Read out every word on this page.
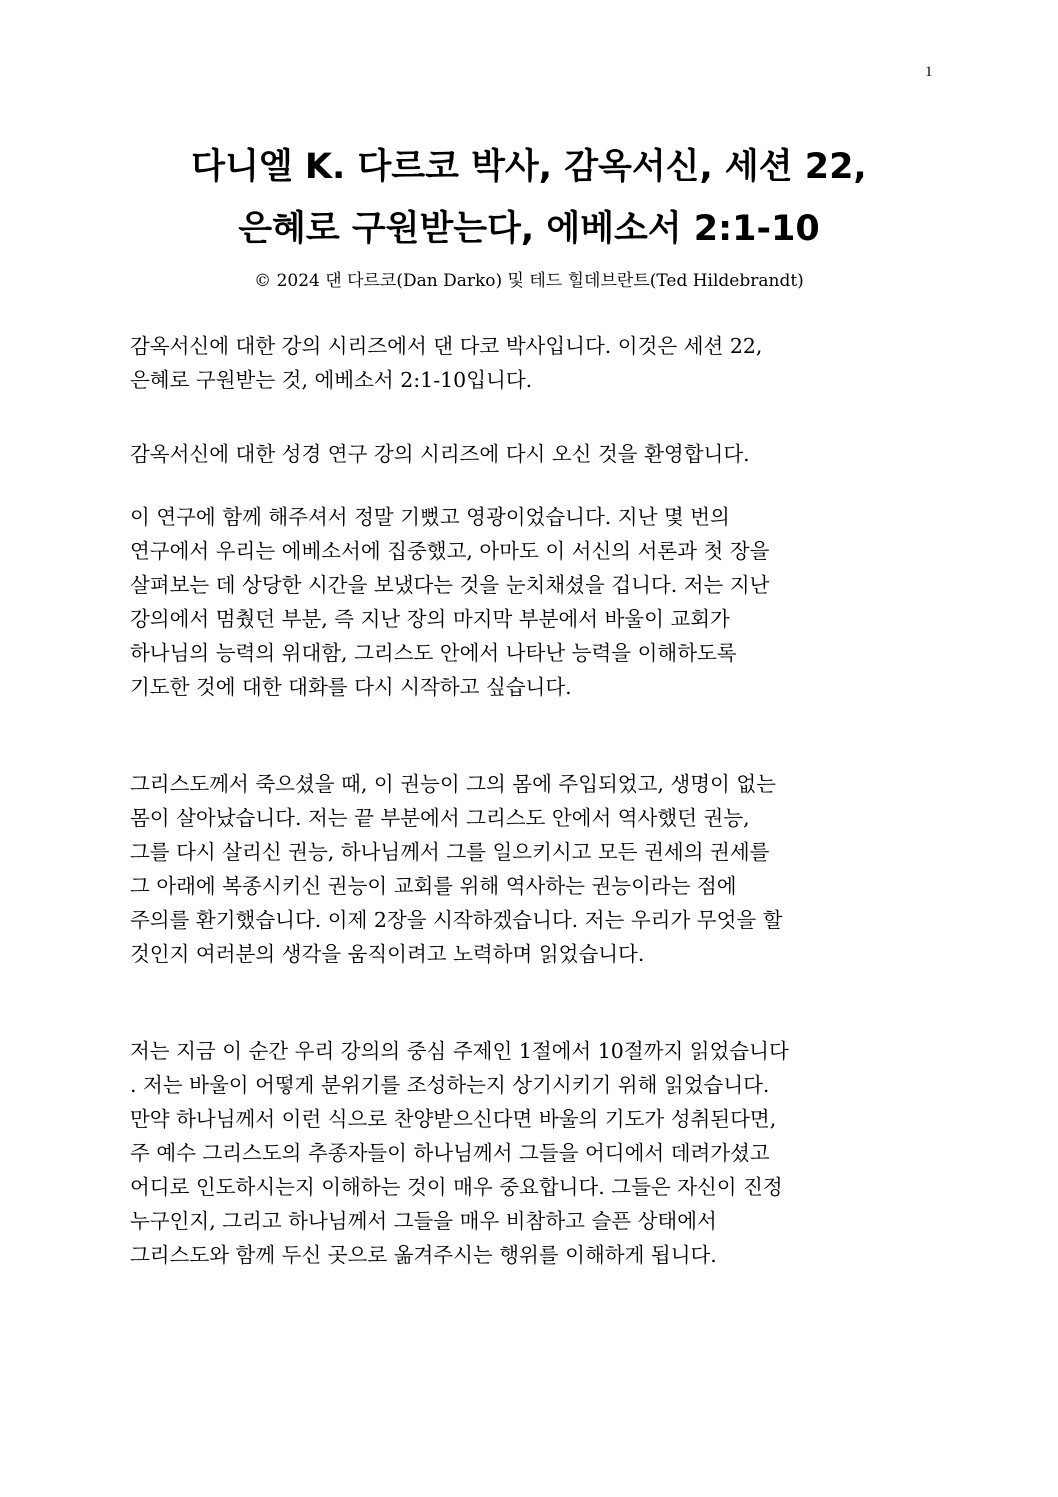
1
다니엘 K. 다르코 박사, 감옥서신, 세션 22,
은혜로 구원받는다, 에베소서 2:1-10
© 2024 댄 다르코(Dan Darko) 및 테드 힐데브란트(Ted Hildebrandt)
감옥서신에 대한 강의 시리즈에서 댄 다코 박사입니다. 이것은 세션 22,
은혜로 구원받는 것, 에베소서 2:1-10입니다.
감옥서신에 대한 성경 연구 강의 시리즈에 다시 오신 것을 환영합니다.
이 연구에 함께 해주셔서 정말 기뻤고 영광이었습니다. 지난 몇 번의
연구에서 우리는 에베소서에 집중했고, 아마도 이 서신의 서론과 첫 장을
살펴보는 데 상당한 시간을 보냈다는 것을 눈치채셨을 겁니다. 저는 지난
강의에서 멈췄던 부분, 즉 지난 장의 마지막 부분에서 바울이 교회가
하나님의 능력의 위대함, 그리스도 안에서 나타난 능력을 이해하도록
기도한 것에 대한 대화를 다시 시작하고 싶습니다.
그리스도께서 죽으셨을 때, 이 권능이 그의 몸에 주입되었고, 생명이 없는
몸이 살아났습니다. 저는 끝 부분에서 그리스도 안에서 역사했던 권능,
그를 다시 살리신 권능, 하나님께서 그를 일으키시고 모든 권세의 권세를
그 아래에 복종시키신 권능이 교회를 위해 역사하는 권능이라는 점에
주의를 환기했습니다. 이제 2장을 시작하겠습니다. 저는 우리가 무엇을 할
것인지 여러분의 생각을 움직이려고 노력하며 읽었습니다.
저는 지금 이 순간 우리 강의의 중심 주제인 1절에서 10절까지 읽었습니다
. 저는 바울이 어떻게 분위기를 조성하는지 상기시키기 위해 읽었습니다.
만약 하나님께서 이런 식으로 찬양받으신다면 바울의 기도가 성취된다면,
주 예수 그리스도의 추종자들이 하나님께서 그들을 어디에서 데려가셨고
어디로 인도하시는지 이해하는 것이 매우 중요합니다. 그들은 자신이 진정
누구인지, 그리고 하나님께서 그들을 매우 비참하고 슬픈 상태에서
그리스도와 함께 두신 곳으로 옮겨주시는 행위를 이해하게 됩니다.
